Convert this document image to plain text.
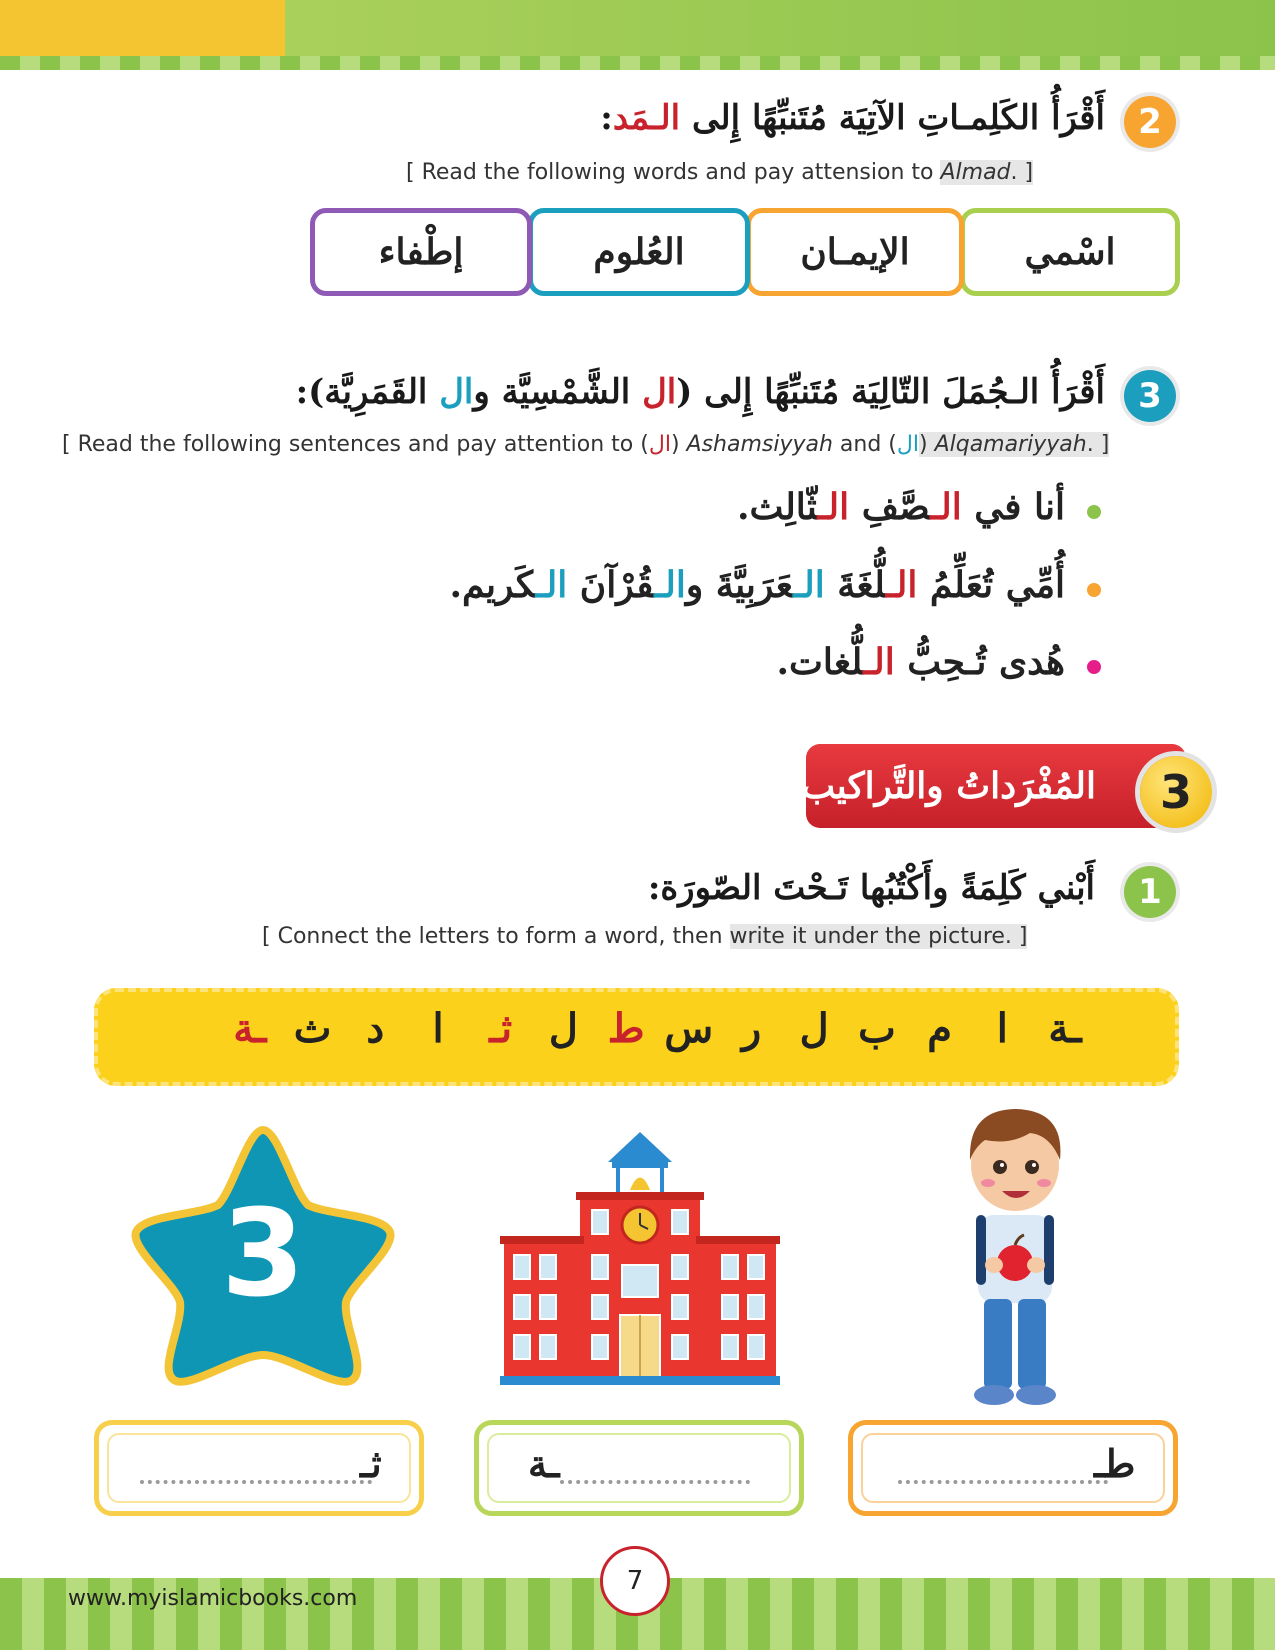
2
أَقْرَأُ الكَلِمـاتِ الآتِيَة مُتَنبِّهًا إِلى الـمَد:
[ Read the following words and pay attension to Almad. ]
اسْمي
الإيمـان
العُلوم
إطْفاء
3
أَقْرَأُ الـجُمَلَ التّالِيَة مُتَنبِّهًا إِلى (ال الشَّمْسِيَّة وال القَمَرِيَّة):
[ Read the following sentences and pay attention to (ال) Ashamsiyyah and (ال) Alqamariyyah. ]
أنا في الـصَّفِ الـثّالِث.
أُمِّي تُعَلِّمُ الـلُّغَةَ الـعَرَبِيَّةَ والـقُرْآنَ الـكَريم.
هُدى تُـحِبُّ الـلُّغات.
المُفْرَداتُ والتَّراكيب	3
1
أَبْني كَلِمَةً وأَكْتُبُها تَـحْتَ الصّورَة:
[ Connect the letters to form a word, then write it under the picture. ]
ـة
ا
م
ب
ل
ر
س
ط
ل
ثـ
ا
د
ث
ـة
3
ثـ	ـة	طـ
www.myislamicbooks.com
7
